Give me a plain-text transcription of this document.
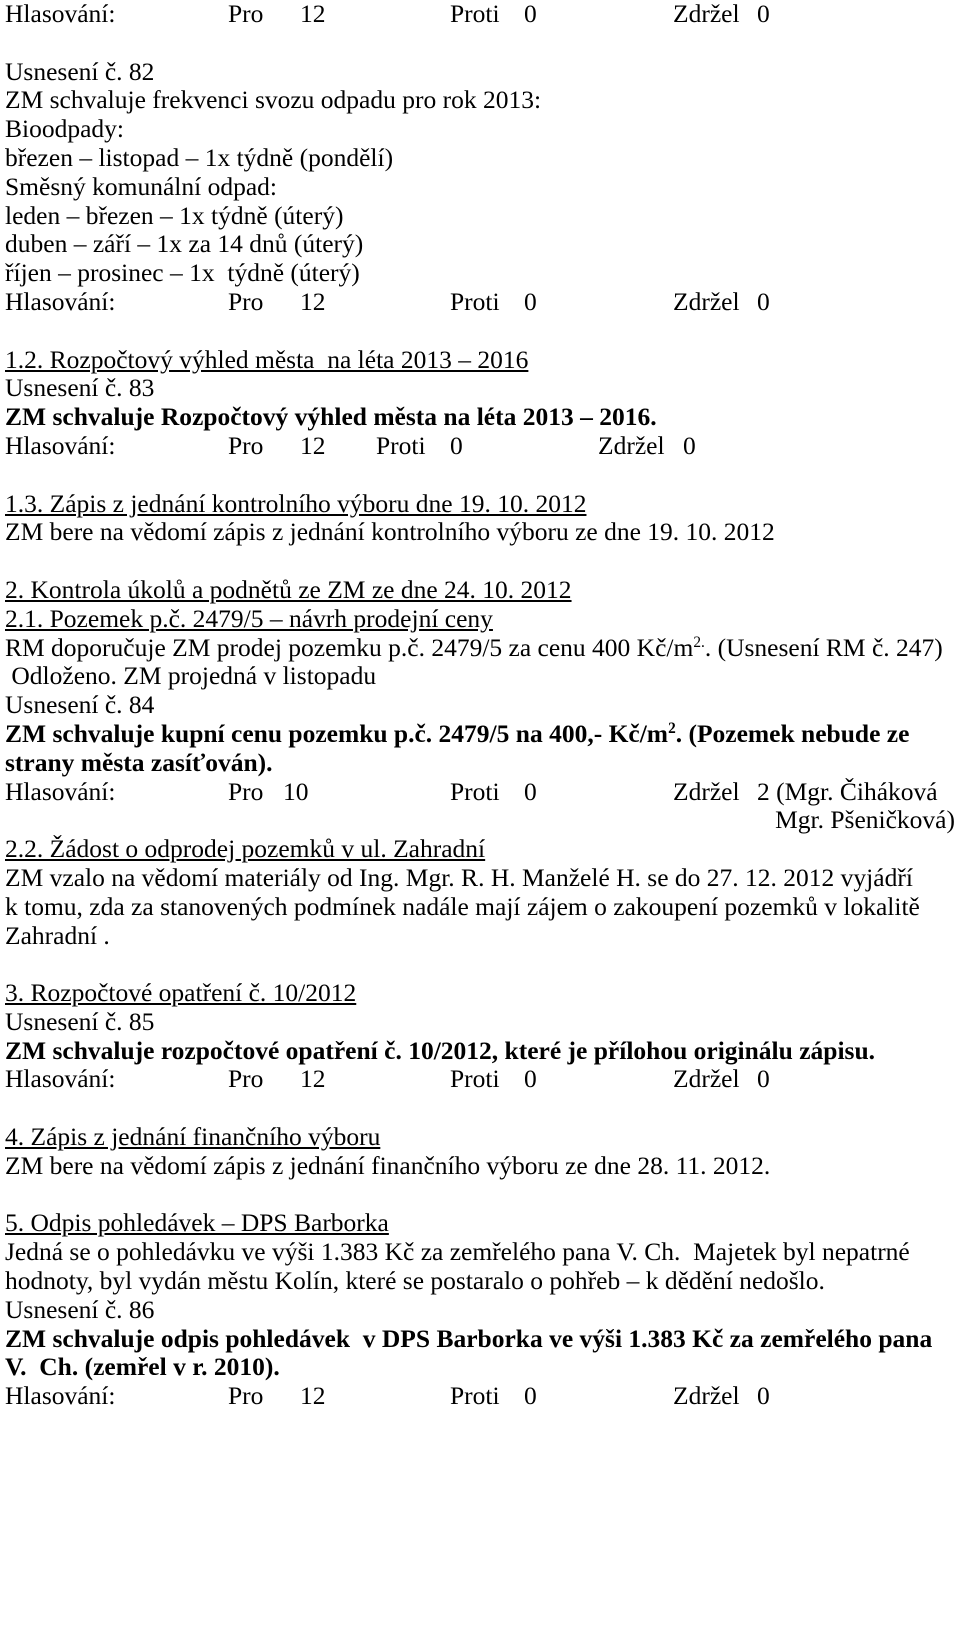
Hlasování:

	Pro

12

	Proti

0

	Zdržel

0

Usnesení č. 82
ZM schvaluje frekvenci svozu odpadu pro rok 2013:
Bioodpady:
březen – listopad – 1x týdně (pondělí)
Směsný komunální odpad:
leden – březen – 1x týdně (úterý)
duben – září – 1x za 14 dnů (úterý)
říjen – prosinec – 1x  týdně (úterý)

Hlasování:

	Pro

12

	Proti

0

	Zdržel

0

1.2. Rozpočtový výhled města  na léta 2013 – 2016
Usnesení č. 83
ZM schvaluje Rozpočtový výhled města na léta 2013 – 2016.

Hlasování:

	Pro

12

Proti

0

	Zdržel

0

1.3. Zápis z jednání kontrolního výboru dne 19. 10. 2012
ZM bere na vědomí zápis z jednání kontrolního výboru ze dne 19. 10. 2012
2. Kontrola úkolů a podnětů ze ZM ze dne 24. 10. 2012
2.1. Pozemek p.č. 2479/5 – návrh prodejní ceny
RM doporučuje ZM prodej pozemku p.č. 2479/5 za cenu 400 $Kč/m^{2.}$. (Usnesení RM č. 247)
Odloženo. ZM projedná v listopadu
Usnesení č. 84
ZM schvaluje kupní cenu pozemku p.č. 2479/5 na 400,- $Kč/m^2$. (Pozemek nebude ze
strany města zasíťován).

Hlasování:

	Pro

10

	Proti

0

	Zdržel

2 (Mgr. Čiháková

Mgr. Pšeničková)
2.2. Žádost o odprodej pozemků v ul. Zahradní
ZM vzalo na vědomí materiály od Ing. Mgr. R. H. Manželé H. se do 27. 12. 2012 vyjádří
k tomu, zda za stanovených podmínek nadále mají zájem o zakoupení pozemků v lokalitě
Zahradní .
3. Rozpočtové opatření č. 10/2012
Usnesení č. 85
ZM schvaluje rozpočtové opatření č. 10/2012, které je přílohou originálu zápisu.

Hlasování:

	Pro

12

	Proti

0

	Zdržel

0

4. Zápis z jednání finančního výboru
ZM bere na vědomí zápis z jednání finančního výboru ze dne 28. 11. 2012.
5. Odpis pohledávek – DPS Barborka
Jedná se o pohledávku ve výši 1.383 Kč za zemřelého pana V. Ch.  Majetek byl nepatrné
hodnoty, byl vydán městu Kolín, které se postaralo o pohřeb – k dědění nedošlo.
Usnesení č. 86
ZM schvaluje odpis pohledávek  v DPS Barborka ve výši 1.383 Kč za zemřelého pana
V.  Ch. (zemřel v r. 2010).

Hlasování:

	Pro

12

	Proti

0

	Zdržel

0
